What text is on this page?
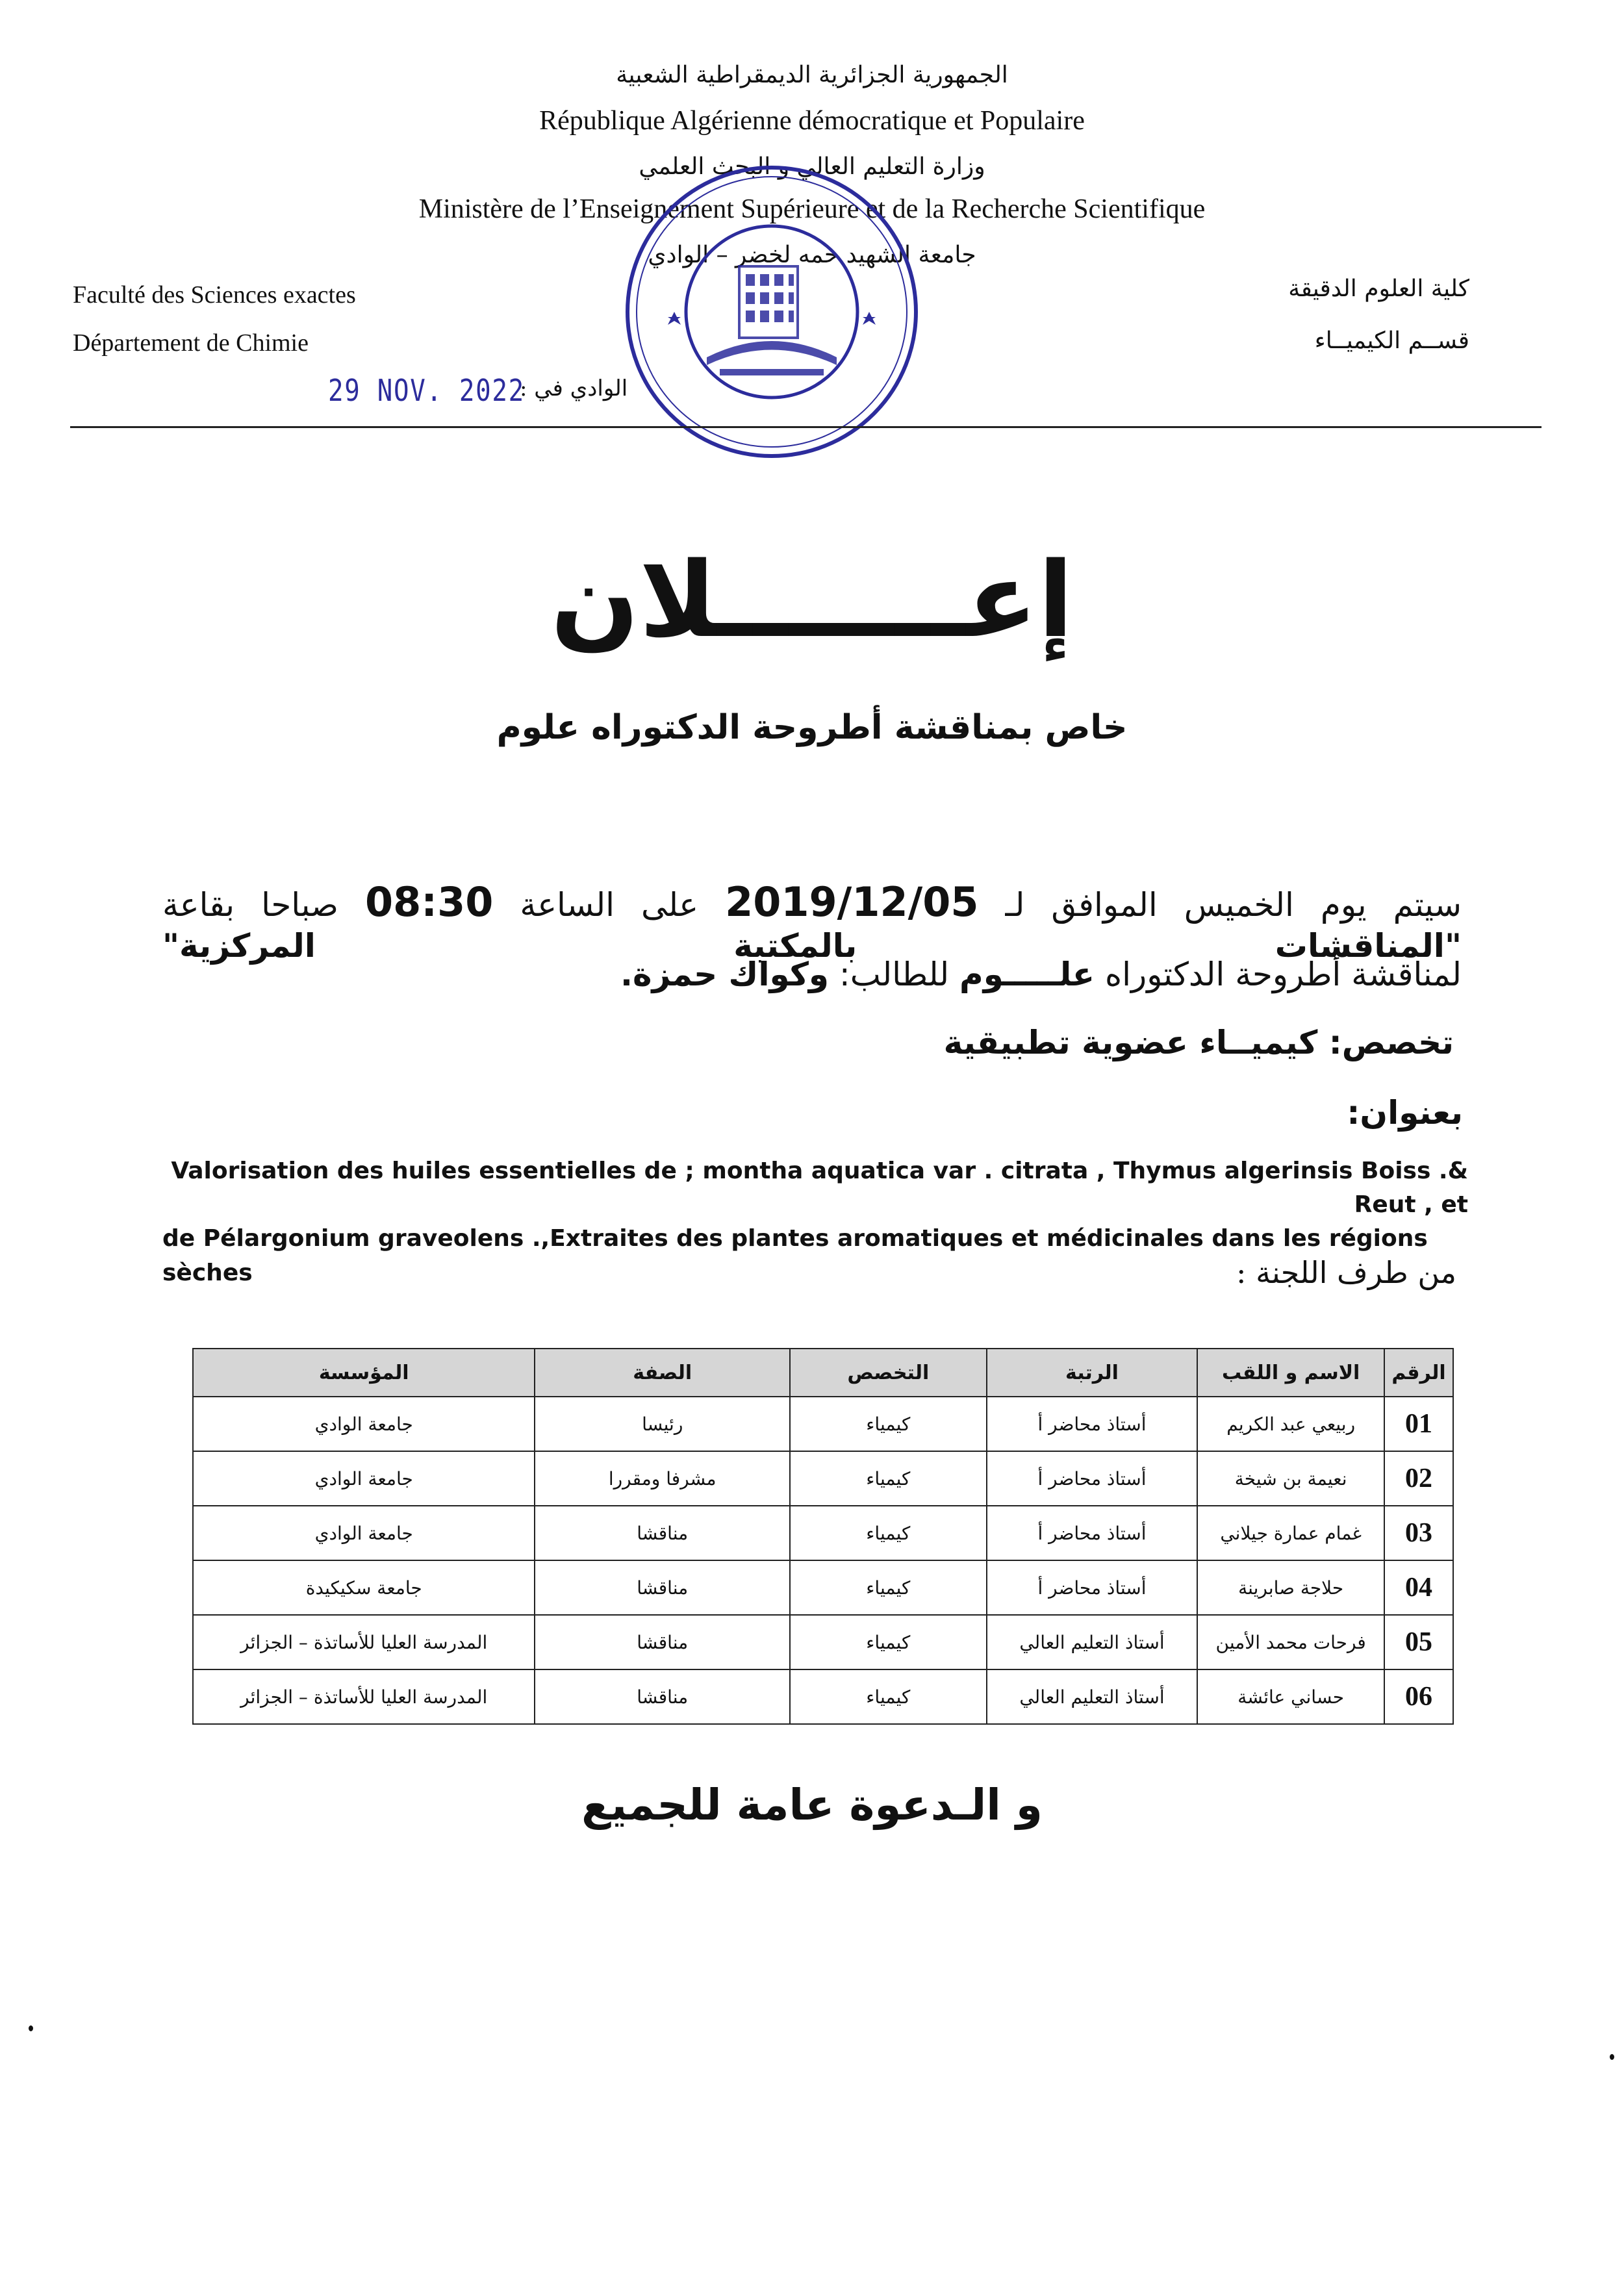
الجمهورية الجزائرية الديمقراطية الشعبية
République Algérienne démocratique et Populaire
وزارة التعليم العالي و البحث العلمي
Ministère de l’Enseignement Supérieure et de la Recherche Scientifique
جامعة الشهيد حمه لخضر – الوادي
Faculté des Sciences exactes
Département de Chimie
كلية العلوم الدقيقة
قســم الكيميــاء
29 NOV. 2022
الوادي في :
إعـــــــلان
خاص بمناقشة أطروحة الدكتوراه علوم
سيتم يوم الخميس الموافق لـ 2019/12/05 على الساعة 08:30 صباحا بقاعة "المناقشات بالمكتبة المركزية"
لمناقشة أطروحة الدكتوراه علـــــوم للطالب: وكواك حمزة.
تخصص: كيميــاء عضوية تطبيقية
بعنوان:
Valorisation des huiles essentielles de ; montha aquatica var . citrata , Thymus algerinsis Boiss .& Reut , et
de Pélargonium graveolens .,Extraites des plantes aromatiques et médicinales dans les régions sèches	من طرف اللجنة :
الرقم	الاسم و اللقب	الرتبة	التخصص	الصفة	المؤسسة
01	ربيعي عبد الكريم	أستاذ محاضر أ	كيمياء	رئيسا	جامعة الوادي
02	نعيمة بن شيخة	أستاذ محاضر أ	كيمياء	مشرفا ومقررا	جامعة الوادي
03	غمام عمارة جيلاني	أستاذ محاضر أ	كيمياء	مناقشا	جامعة الوادي
04	حلاجة صابرينة	أستاذ محاضر أ	كيمياء	مناقشا	جامعة سكيكيدة
05	فرحات محمد الأمين	أستاذ التعليم العالي	كيمياء	مناقشا	المدرسة العليا للأساتذة – الجزائر
06	حساني عائشة	أستاذ التعليم العالي	كيمياء	مناقشا	المدرسة العليا للأساتذة – الجزائر
و الـدعوة عامة للجميع
